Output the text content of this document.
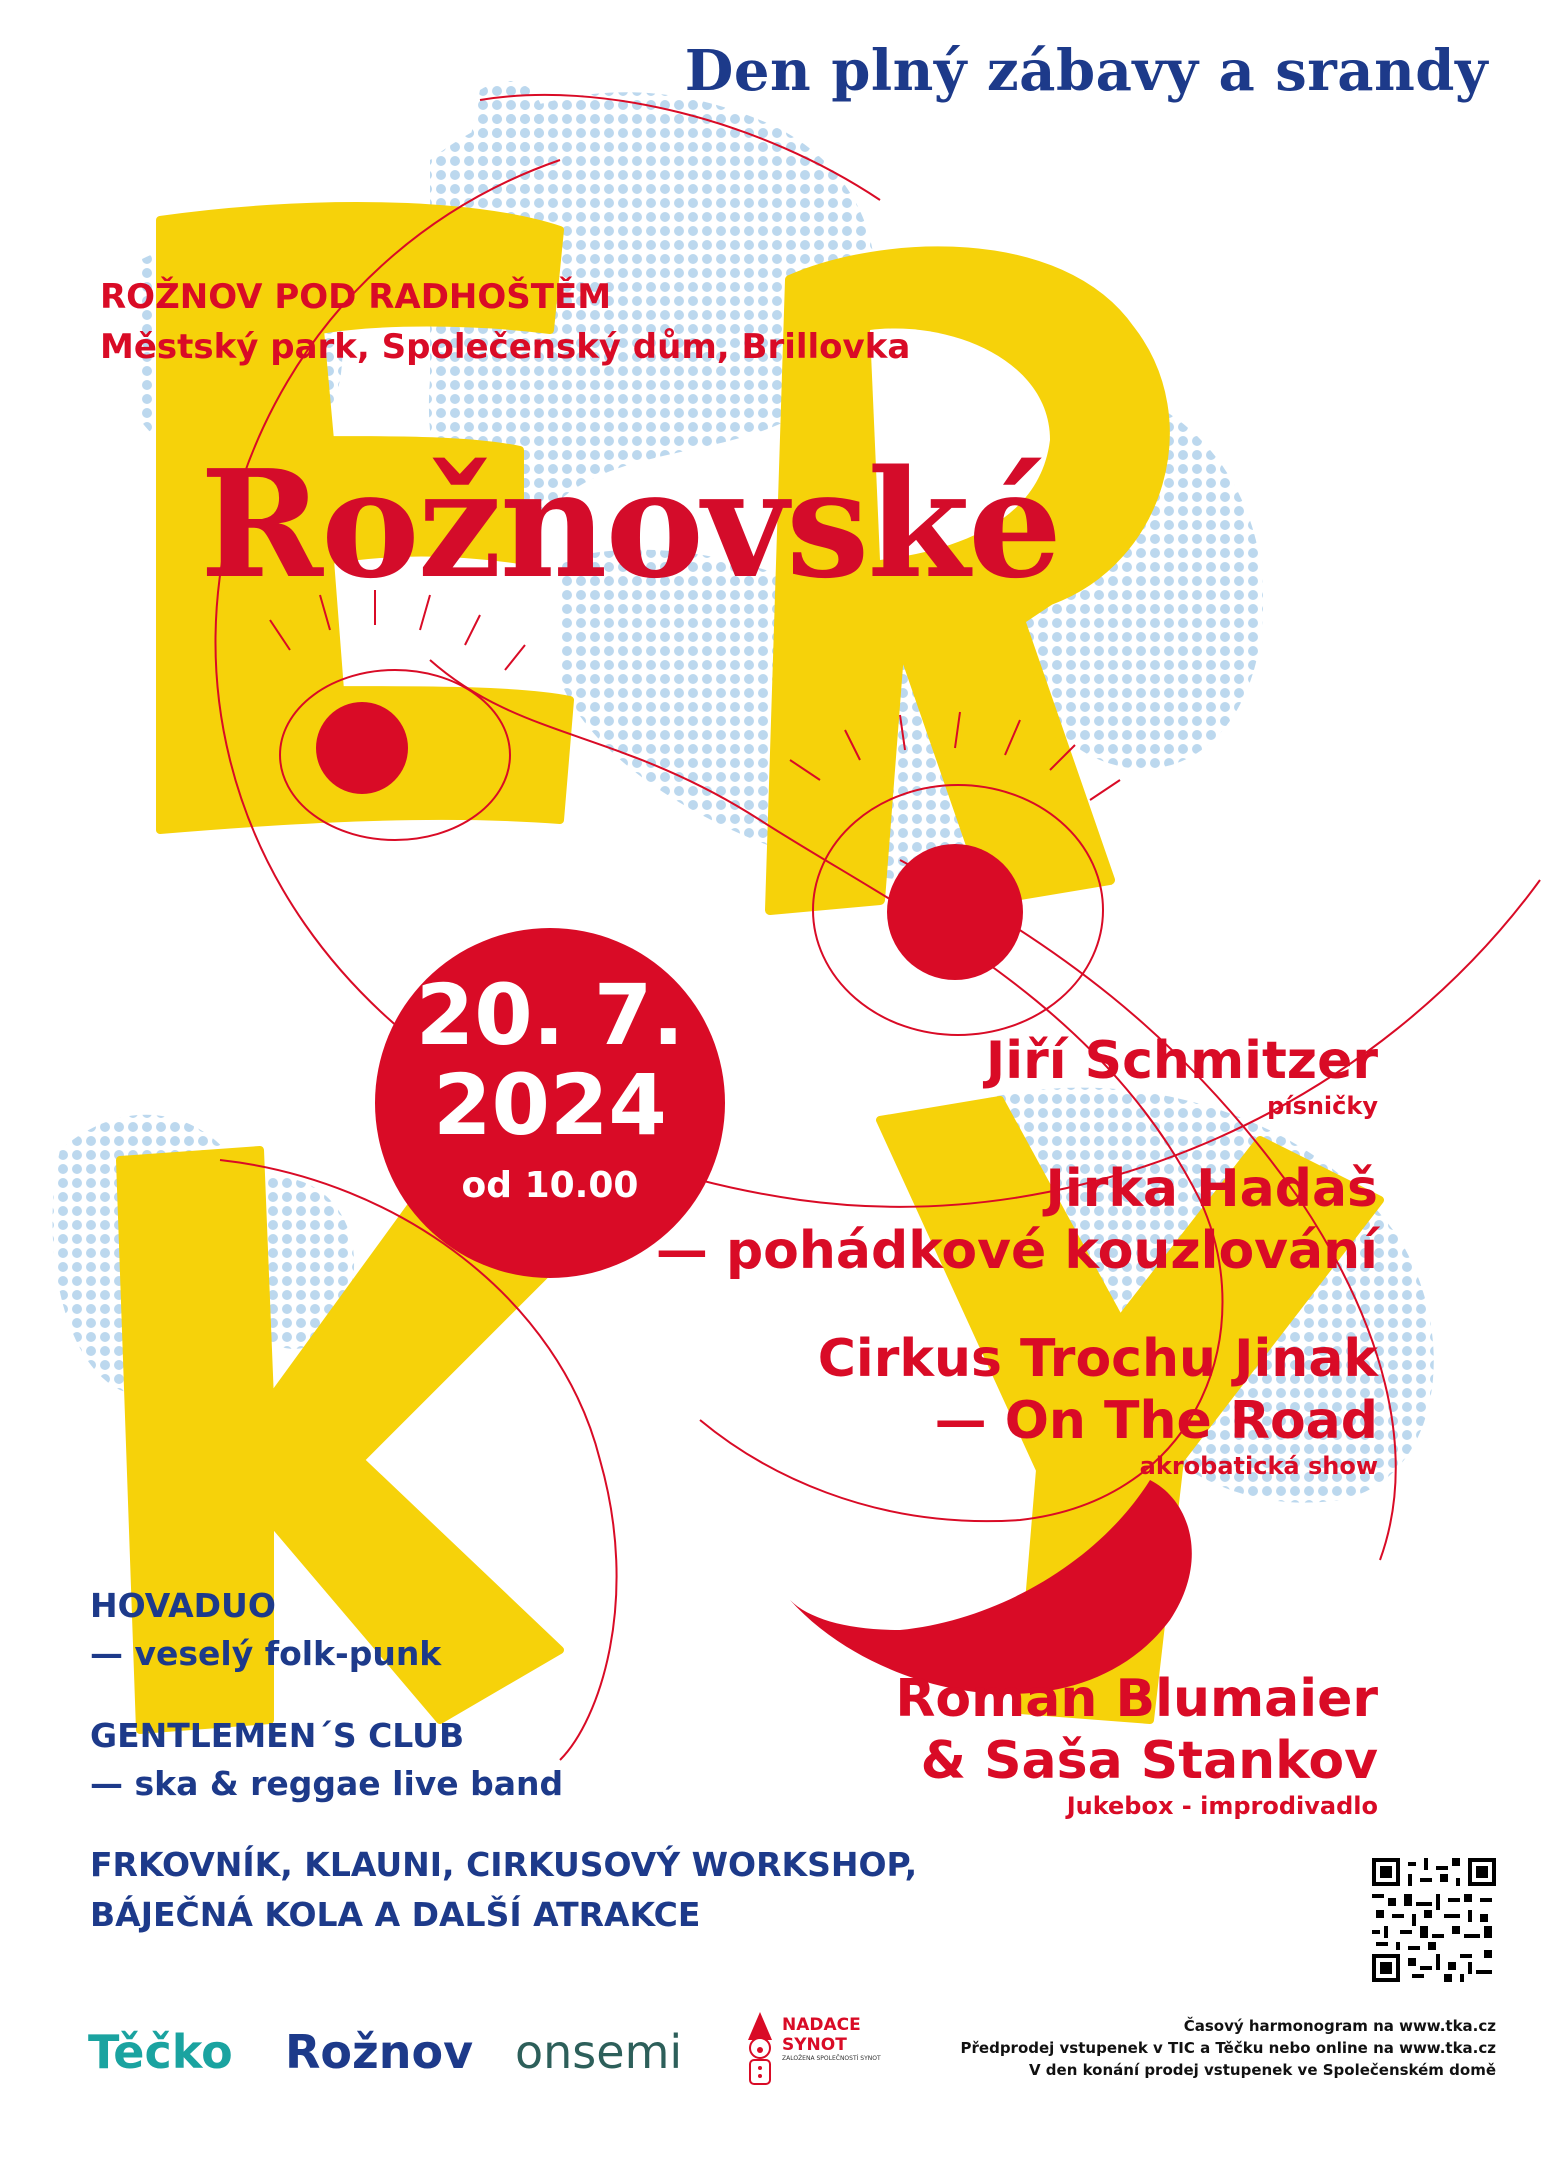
Den plný zábavy a srandy
ROŽNOV POD RADHOŠTĚM
Městský park, Společenský dům, Brillovka
Rožnovské
20. 7.
2024
od 10.00
Jiří Schmitzer
písničky
Jirka Hadaš
— pohádkové kouzlování
Cirkus Trochu Jinak
— On The Road
akrobatická show
Roman Blumaier
& Saša Stankov
Jukebox - improdivadlo
HOVADUO
— veselý folk-punk
GENTLEMEN´S CLUB
— ska & reggae live band
FRKOVNÍK, KLAUNI, CIRKUSOVÝ WORKSHOP,
BÁJEČNÁ KOLA A DALŠÍ ATRAKCE
Těčko Rožnov onsemi	NADACE
SYNOT
ZALOŽENA SPOLEČNOSTÍ SYNOT
Časový harmonogram na www.tka.cz
Předprodej vstupenek v TIC a Těčku nebo online na www.tka.cz
V den konání prodej vstupenek ve Společenském domě
